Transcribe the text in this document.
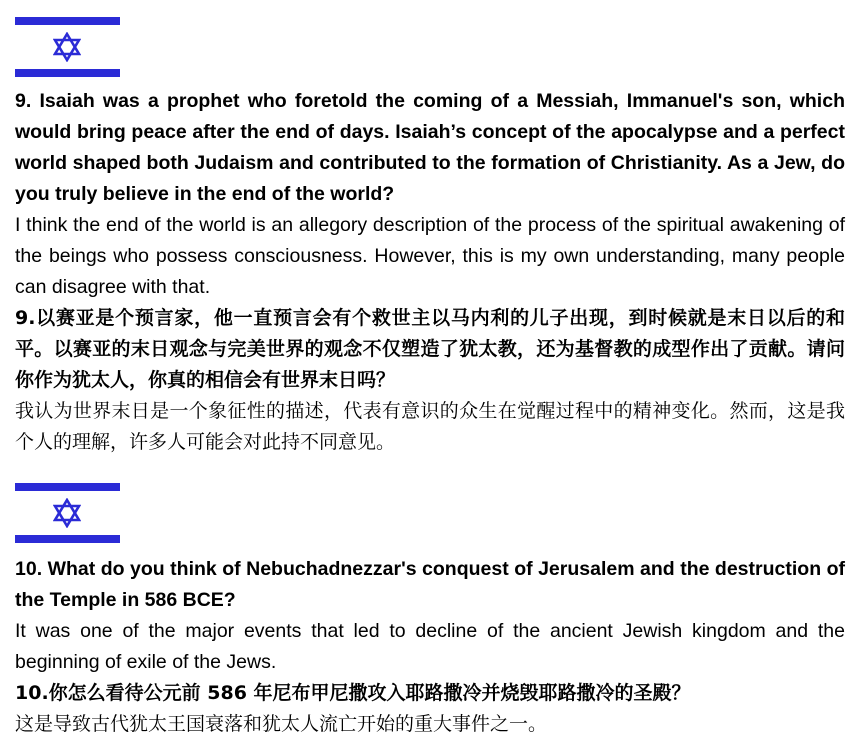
9. Isaiah was a prophet who foretold the coming of a Messiah, Immanuel's son, which would bring peace after the end of days. Isaiah’s concept of the apocalypse and a perfect world shaped both Judaism and contributed to the formation of Christianity. As a Jew, do you truly believe in the end of the world?

I think the end of the world is an allegory description of the process of the spiritual awakening of the beings who possess consciousness. However, this is my own understanding, many people can disagree with that.

9.以赛亚是个预言家，他一直预言会有个救世主以马内利的儿子出现，到时候就是末日以后的和平。以赛亚的末日观念与完美世界的观念不仅塑造了犹太教，还为基督教的成型作出了贡献。请问你作为犹太人，你真的相信会有世界末日吗？

我认为世界末日是一个象征性的描述，代表有意识的众生在觉醒过程中的精神变化。然而，这是我个人的理解，许多人可能会对此持不同意见。

10. What do you think of Nebuchadnezzar's conquest of Jerusalem and the destruction of the Temple in 586 BCE?

It was one of the major events that led to decline of the ancient Jewish kingdom and the beginning of exile of the Jews.

10.你怎么看待公元前 586 年尼布甲尼撒攻入耶路撒冷并烧毁耶路撒冷的圣殿？

这是导致古代犹太王国衰落和犹太人流亡开始的重大事件之一。
